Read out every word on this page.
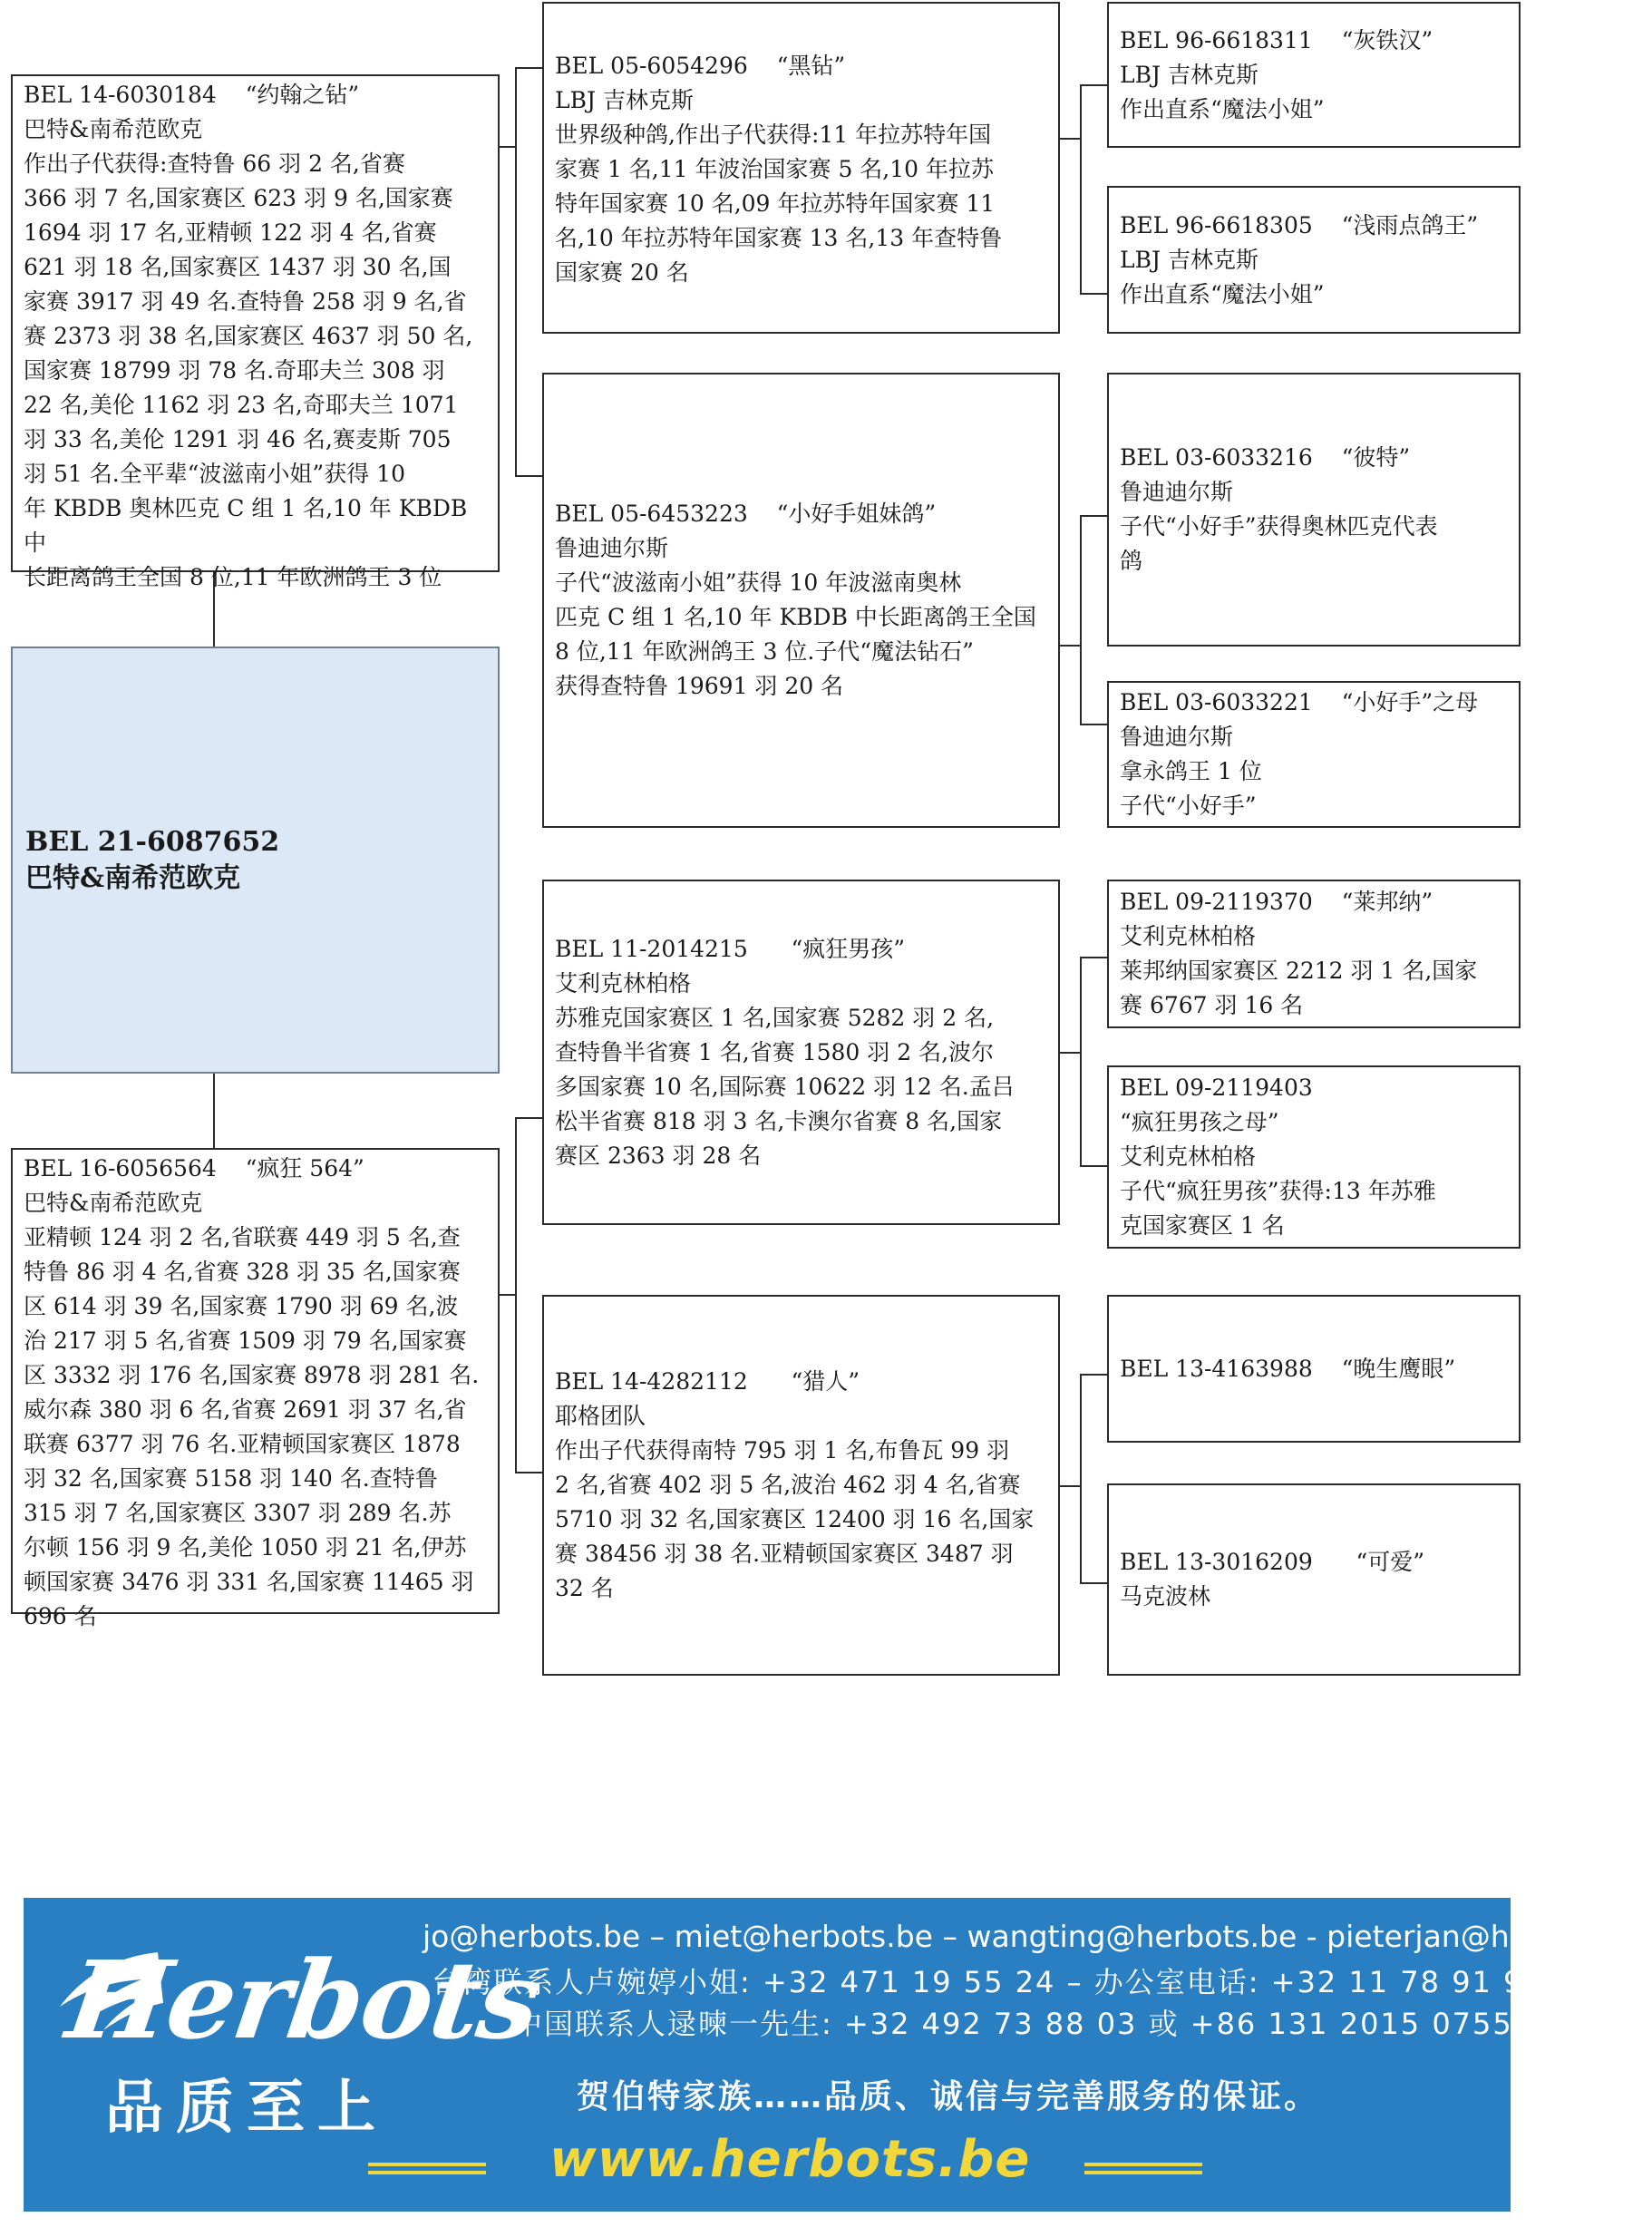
BEL 21-6087652
巴特&南希范欧克
BEL 14-6030184 “约翰之钻”
巴特&南希范欧克
作出子代获得:查特鲁 66 羽 2 名,省赛
366 羽 7 名,国家赛区 623 羽 9 名,国家赛
1694 羽 17 名,亚精顿 122 羽 4 名,省赛
621 羽 18 名,国家赛区 1437 羽 30 名,国
家赛 3917 羽 49 名.查特鲁 258 羽 9 名,省
赛 2373 羽 38 名,国家赛区 4637 羽 50 名,
国家赛 18799 羽 78 名.奇耶夫兰 308 羽
22 名,美伦 1162 羽 23 名,奇耶夫兰 1071
羽 33 名,美伦 1291 羽 46 名,赛麦斯 705
羽 51 名.全平辈“波滋南小姐”获得 10
年 KBDB 奥林匹克 C 组 1 名,10 年 KBDB 中
长距离鸽王全国 8 位,11 年欧洲鸽王 3 位
BEL 16-6056564 “疯狂 564”
巴特&南希范欧克
亚精顿 124 羽 2 名,省联赛 449 羽 5 名,查
特鲁 86 羽 4 名,省赛 328 羽 35 名,国家赛
区 614 羽 39 名,国家赛 1790 羽 69 名,波
治 217 羽 5 名,省赛 1509 羽 79 名,国家赛
区 3332 羽 176 名,国家赛 8978 羽 281 名.
威尔森 380 羽 6 名,省赛 2691 羽 37 名,省
联赛 6377 羽 76 名.亚精顿国家赛区 1878
羽 32 名,国家赛 5158 羽 140 名.查特鲁
315 羽 7 名,国家赛区 3307 羽 289 名.苏
尔顿 156 羽 9 名,美伦 1050 羽 21 名,伊苏
顿国家赛 3476 羽 331 名,国家赛 11465 羽
696 名
BEL 05-6054296 “黑钻”
LBJ 吉林克斯
世界级种鸽,作出子代获得:11 年拉苏特年国
家赛 1 名,11 年波治国家赛 5 名,10 年拉苏
特年国家赛 10 名,09 年拉苏特年国家赛 11
名,10 年拉苏特年国家赛 13 名,13 年查特鲁
国家赛 20 名
BEL 05-6453223 “小好手姐妹鸽”
鲁迪迪尔斯
子代“波滋南小姐”获得 10 年波滋南奥林
匹克 C 组 1 名,10 年 KBDB 中长距离鸽王全国
8 位,11 年欧洲鸽王 3 位.子代“魔法钻石”
获得查特鲁 19691 羽 20 名
BEL 11-2014215 “疯狂男孩”
艾利克林柏格
苏雅克国家赛区 1 名,国家赛 5282 羽 2 名,
查特鲁半省赛 1 名,省赛 1580 羽 2 名,波尔
多国家赛 10 名,国际赛 10622 羽 12 名.孟吕
松半省赛 818 羽 3 名,卡澳尔省赛 8 名,国家
赛区 2363 羽 28 名
BEL 14-4282112 “猎人”
耶格团队
作出子代获得南特 795 羽 1 名,布鲁瓦 99 羽
2 名,省赛 402 羽 5 名,波治 462 羽 4 名,省赛
5710 羽 32 名,国家赛区 12400 羽 16 名,国家
赛 38456 羽 38 名.亚精顿国家赛区 3487 羽
32 名
BEL 96-6618311 “灰铁汉”
LBJ 吉林克斯
作出直系“魔法小姐”
BEL 96-6618305 “浅雨点鸽王”
LBJ 吉林克斯
作出直系“魔法小姐”
BEL 03-6033216 “彼特”
鲁迪迪尔斯
子代“小好手”获得奥林匹克代表
鸽
BEL 03-6033221 “小好手”之母
鲁迪迪尔斯
拿永鸽王 1 位
子代“小好手”
BEL 09-2119370 “莱邦纳”
艾利克林柏格
莱邦纳国家赛区 2212 羽 1 名,国家
赛 6767 羽 16 名
BEL 09-2119403
“疯狂男孩之母”
艾利克林柏格
子代“疯狂男孩”获得:13 年苏雅
克国家赛区 1 名
BEL 13-4163988 “晚生鹰眼”
BEL 13-3016209 “可爱”
马克波林
Herbots
品质至上
jo@herbots.be – miet@herbots.be – wangting@herbots.be - pieterjan@herbots.be
台湾联系人卢婉婷小姐: +32 471 19 55 24 – 办公室电话: +32 11 78 91 90
中国联系人逯暕一先生: +32 492 73 88 03 或 +86 131 2015 0755
贺伯特家族……品质、诚信与完善服务的保证。
www.herbots.be
